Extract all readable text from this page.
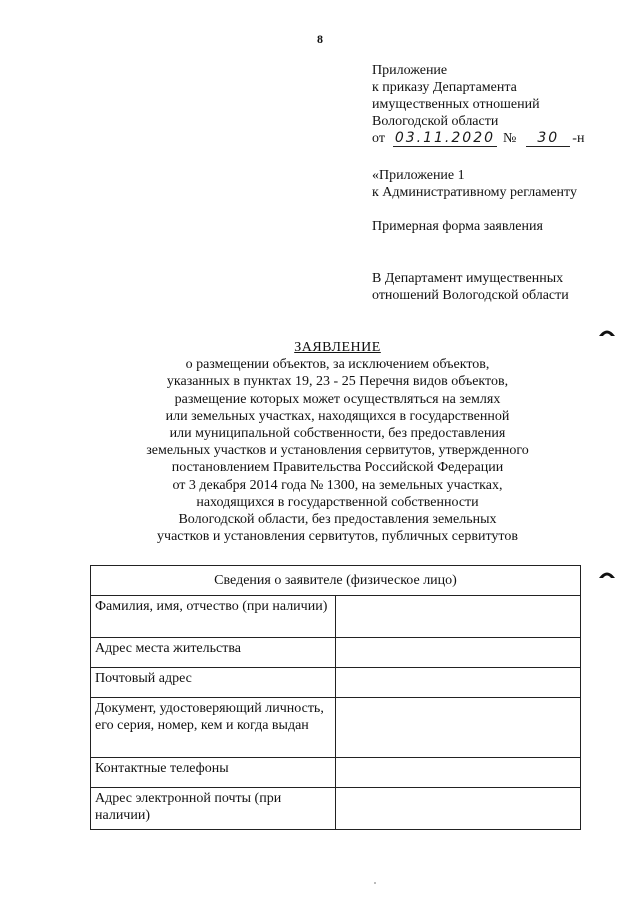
8
Приложение
к приказу Департамента
имущественных отношений
Вологодской области
от 03.11.2020 №	30 -н
«Приложение 1
к Административному регламенту
Примерная форма заявления
В Департамент имущественных
отношений Вологодской области
ЗАЯВЛЕНИЕ
о размещении объектов, за исключением объектов,
указанных в пунктах 19, 23 - 25 Перечня видов объектов,
размещение которых может осуществляться на землях
или земельных участках, находящихся в государственной
или муниципальной собственности, без предоставления
земельных участков и установления сервитутов, утвержденного
постановлением Правительства Российской Федерации
от 3 декабря 2014 года № 1300, на земельных участках,
находящихся в государственной собственности
Вологодской области, без предоставления земельных
участков и установления сервитутов, публичных сервитутов
Сведения о заявителе (физическое лицо)	
Фамилия, имя, отчество (при наличии)	
Адрес места жительства	
Почтовый адрес	
Документ, удостоверяющий личность, его серия, номер, кем и когда выдан	
Контактные телефоны	
Адрес электронной почты (при наличии)	
